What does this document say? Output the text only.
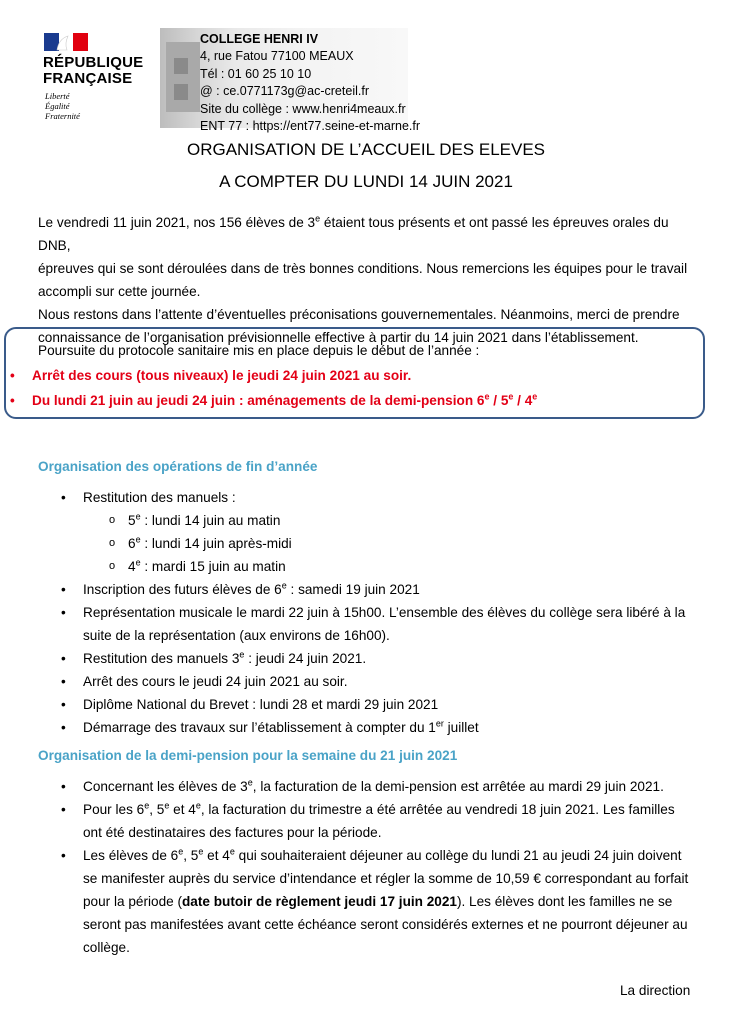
RÉPUBLIQUE
FRANÇAISE
Liberté
Égalité
Fraternité
COLLEGE HENRI IV
4, rue Fatou 77100 MEAUX
Tél : 01 60 25 10 10
@ : ce.0771173g@ac-creteil.fr
Site du collège : www.henri4meaux.fr
ENT 77 : https://ent77.seine-et-marne.fr
ORGANISATION DE L’ACCUEIL DES ELEVES
A COMPTER DU LUNDI 14 JUIN 2021
Le vendredi 11 juin 2021, nos 156 élèves de 3e étaient tous présents et ont passé les épreuves orales du DNB,
épreuves qui se sont déroulées dans de très bonnes conditions. Nous remercions les équipes pour le travail
accompli sur cette journée.
Nous restons dans l’attente d’éventuelles préconisations gouvernementales. Néanmoins, merci de prendre
connaissance de l’organisation prévisionnelle effective à partir du 14 juin 2021 dans l’établissement.
Poursuite du protocole sanitaire mis en place depuis le début de l’année :
• Arrêt des cours (tous niveaux) le jeudi 24 juin 2021 au soir.
• Du lundi 21 juin au jeudi 24 juin : aménagements de la demi-pension 6e / 5e / 4e
Organisation des opérations de fin d’année
• Restitution des manuels :
o 5e : lundi 14 juin au matin
o 6e : lundi 14 juin après-midi
o 4e : mardi 15 juin au matin
• Inscription des futurs élèves de 6e : samedi 19 juin 2021
• Représentation musicale le mardi 22 juin à 15h00. L’ensemble des élèves du collège sera libéré à la
suite de la représentation (aux environs de 16h00).
• Restitution des manuels 3e : jeudi 24 juin 2021.
• Arrêt des cours le jeudi 24 juin 2021 au soir.
• Diplôme National du Brevet : lundi 28 et mardi 29 juin 2021
• Démarrage des travaux sur l’établissement à compter du 1er juillet
Organisation de la demi-pension pour la semaine du 21 juin 2021
• Concernant les élèves de 3e, la facturation de la demi-pension est arrêtée au mardi 29 juin 2021.
• Pour les 6e, 5e et 4e, la facturation du trimestre a été arrêtée au vendredi 18 juin 2021. Les familles
ont été destinataires des factures pour la période.
• Les élèves de 6e, 5e et 4e qui souhaiteraient déjeuner au collège du lundi 21 au jeudi 24 juin doivent
se manifester auprès du service d’intendance et régler la somme de 10,59 € correspondant au forfait
pour la période (date butoir de règlement jeudi 17 juin 2021). Les élèves dont les familles ne se
seront pas manifestées avant cette échéance seront considérés externes et ne pourront déjeuner au
collège.
La direction
